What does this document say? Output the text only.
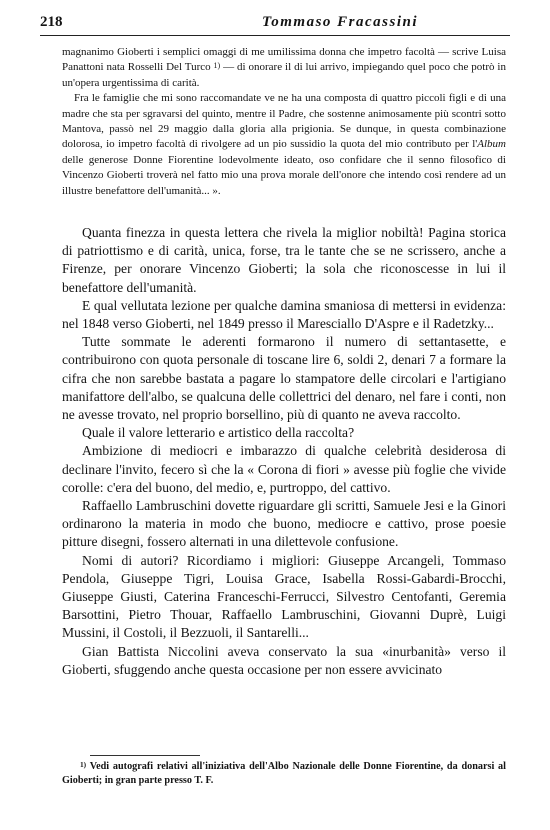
218	Tommaso Fracassini

magnanimo Gioberti i semplici omaggi di me umilissima donna che impetro facoltà — scrive Luisa Panattoni nata Rosselli Del Turco 1) — di onorare il di lui arrivo, impiegando quel poco che potrò in un'opera urgentissima di carità.

Fra le famiglie che mi sono raccomandate ve ne ha una composta di quattro piccoli figli e di una madre che sta per sgravarsi del quinto, mentre il Padre, che sostenne animosamente più scontri sotto Mantova, passò nel 29 maggio dalla gloria alla prigionia. Se dunque, in questa combinazione dolorosa, io impetro facoltà di rivolgere ad un pio sussidio la quota del mio contributo per l'Album delle generose Donne Fiorentine lodevolmente ideato, oso confidare che il senno filosofico di Vincenzo Gioberti troverà nel fatto mio una prova morale dell'onore che intendo così rendere ad un illustre benefattore dell'umanità... ».

Quanta finezza in questa lettera che rivela la miglior nobiltà! Pagina storica di patriottismo e di carità, unica, forse, tra le tante che se ne scrissero, anche a Firenze, per onorare Vincenzo Gioberti; la sola che riconoscesse in lui il benefattore dell'umanità.

E qual vellutata lezione per qualche damina smaniosa di mettersi in evidenza: nel 1848 verso Gioberti, nel 1849 presso il Maresciallo D'Aspre e il Radetzky...

Tutte sommate le aderenti formarono il numero di settantasette, e contribuirono con quota personale di toscane lire 6, soldi 2, denari 7 a formare la cifra che non sarebbe bastata a pagare lo stampatore delle circolari e l'artigiano manifattore dell'albo, se qualcuna delle collettrici del denaro, nel fare i conti, non ne avesse trovato, nel proprio borsellino, più di quanto ne aveva raccolto.

Quale il valore letterario e artistico della raccolta?

Ambizione di mediocri e imbarazzo di qualche celebrità desiderosa di declinare l'invito, fecero sì che la « Corona di fiori » avesse più foglie che vivide corolle: c'era del buono, del medio, e, purtroppo, del cattivo.

Raffaello Lambruschini dovette riguardare gli scritti, Samuele Jesi e la Ginori ordinarono la materia in modo che buono, mediocre e cattivo, prose poesie pitture disegni, fossero alternati in una dilettevole confusione.

Nomi di autori? Ricordiamo i migliori: Giuseppe Arcangeli, Tommaso Pendola, Giuseppe Tigri, Louisa Grace, Isabella Rossi-Gabardi-Brocchi, Giuseppe Giusti, Caterina Franceschi-Ferrucci, Silvestro Centofanti, Geremia Barsottini, Pietro Thouar, Raffaello Lambruschini, Giovanni Duprè, Luigi Mussini, il Costoli, il Bezzuoli, il Santarelli...

Gian Battista Niccolini aveva conservato la sua «inurbanità» verso il Gioberti, sfuggendo anche questa occasione per non essere avvicinato

1) Vedi autografi relativi all'iniziativa dell'Albo Nazionale delle Donne Fiorentine, da donarsi al Gioberti; in gran parte presso T. F.
